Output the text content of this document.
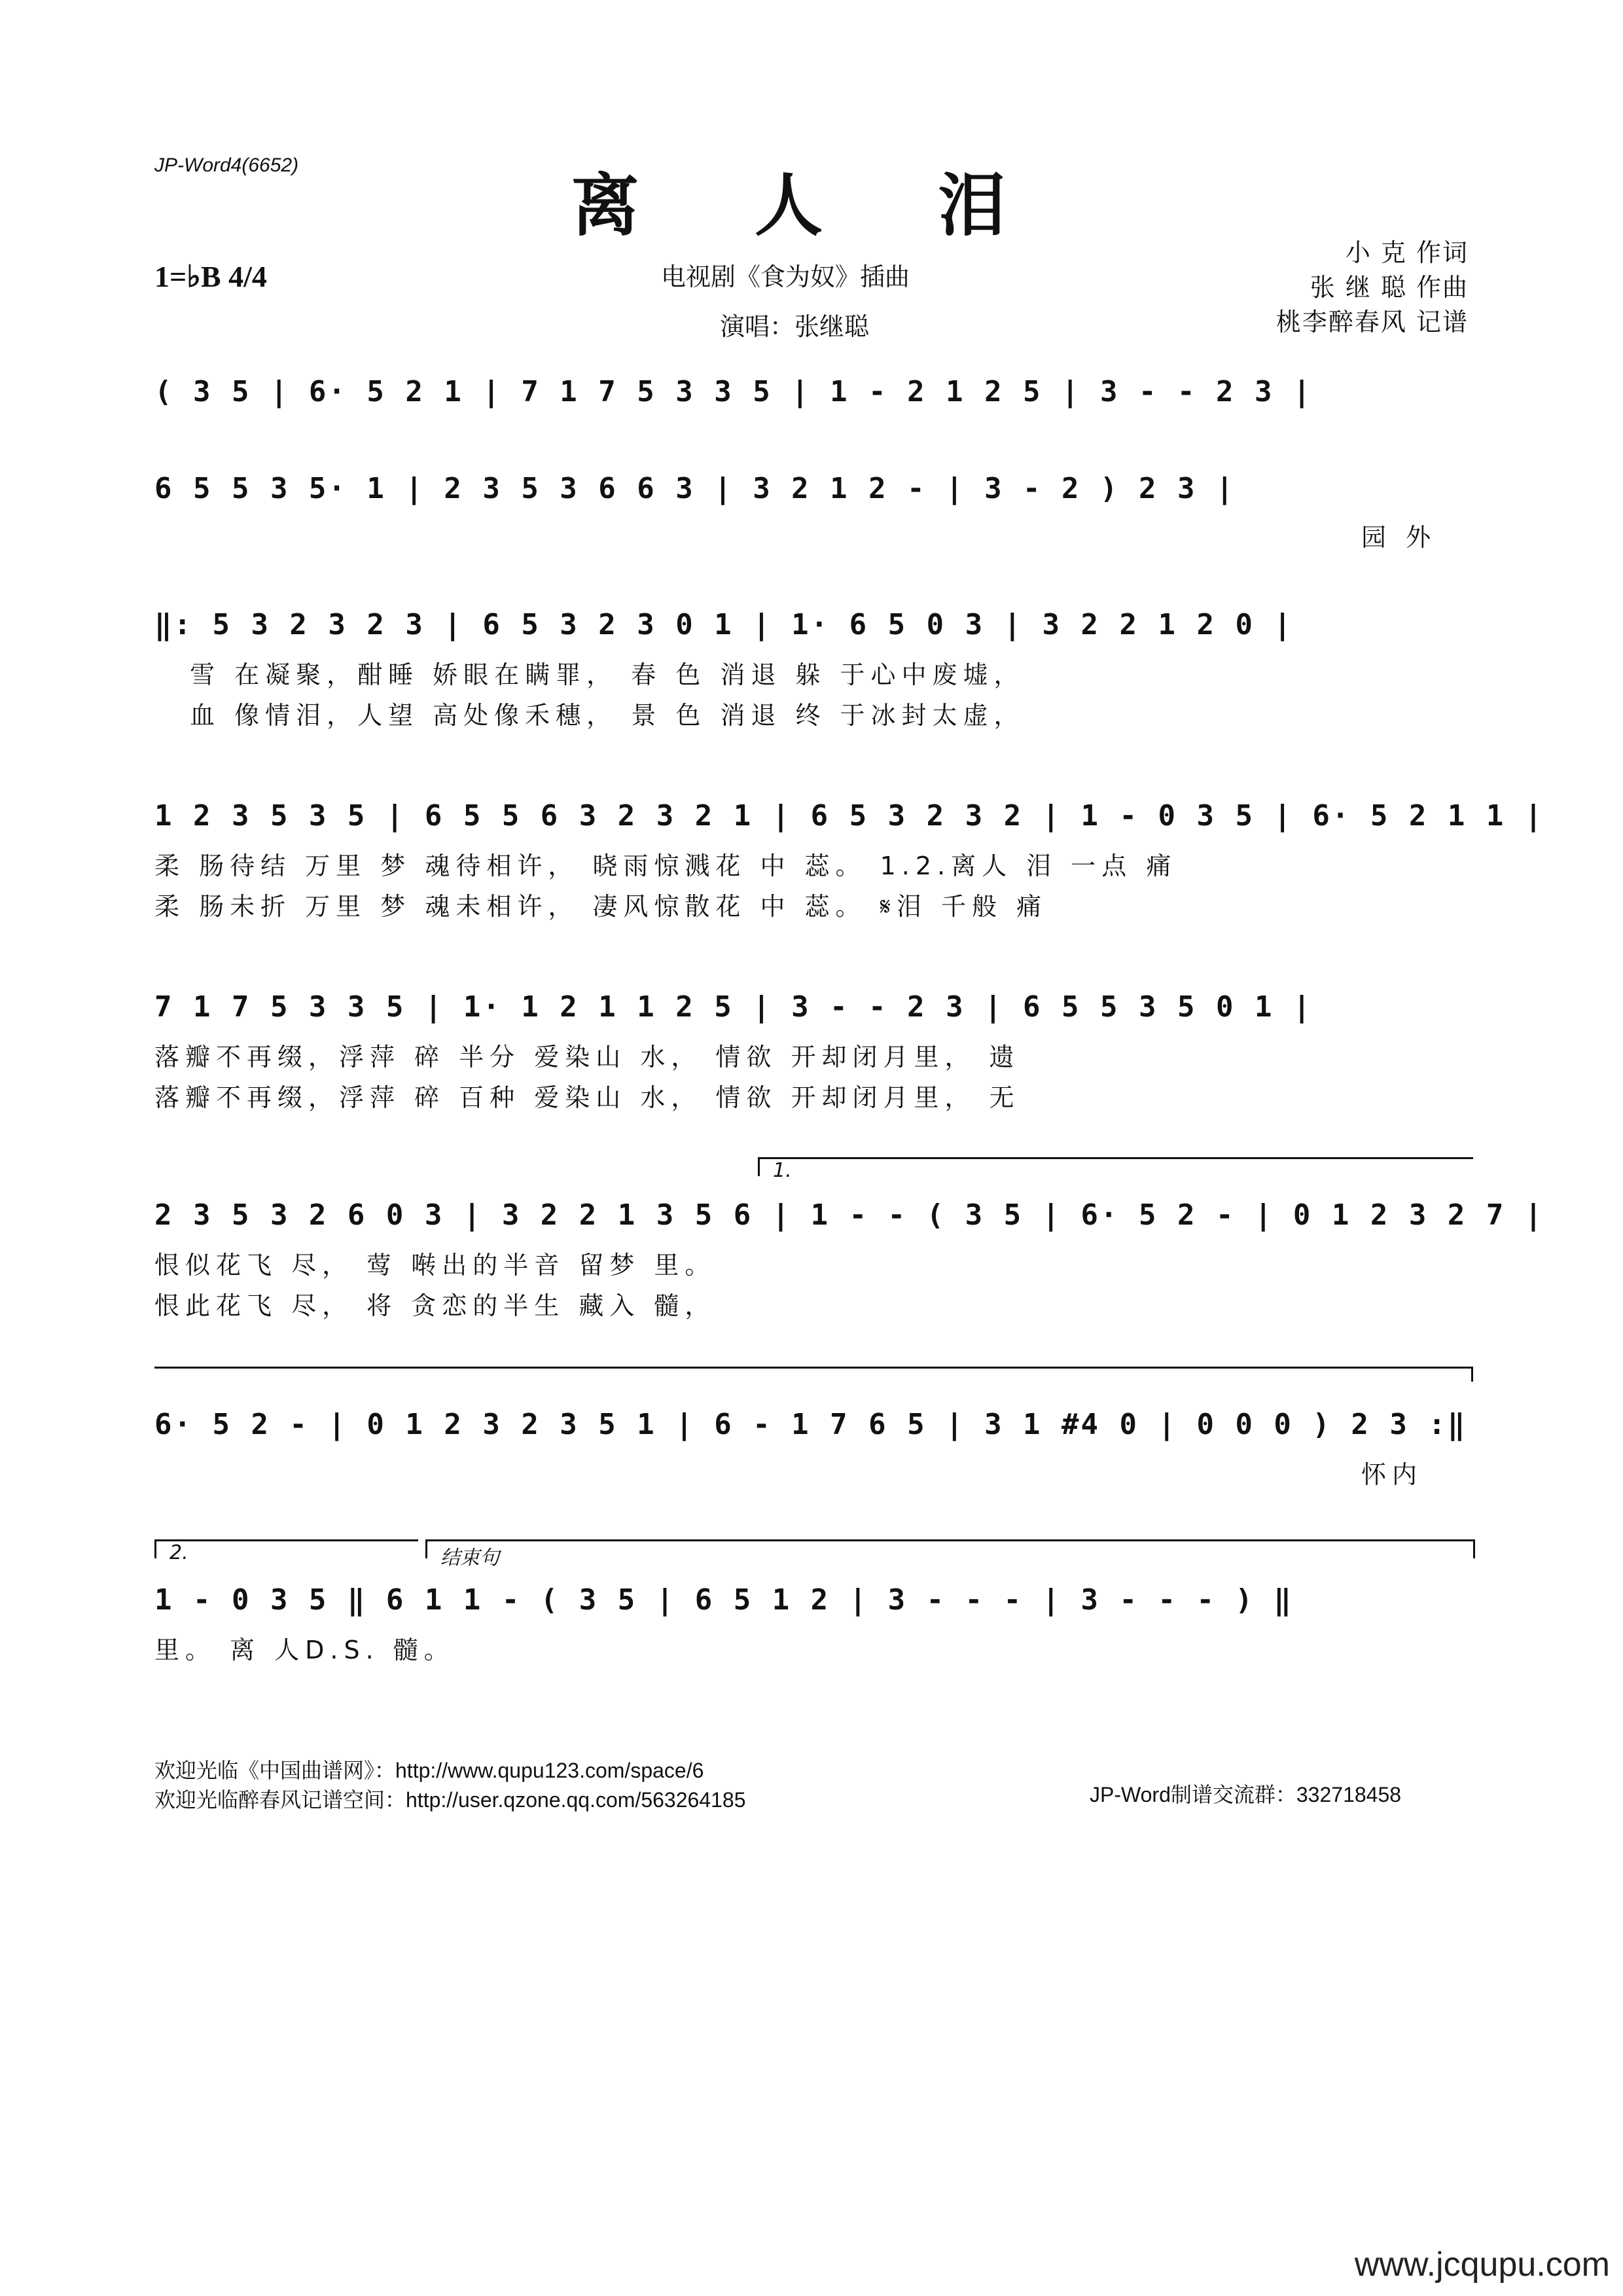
JP-Word4(6652)	离 人 泪
1=♭B 4/4	电视剧《食为奴》插曲
演唱：张继聪
小 克 作词
张 继 聪 作曲
桃李醉春风 记谱
( 3 5 | 6· 5 2 1 | 7 1 7 5 3 3 5 | 1 - 2 1 2 5 | 3 - - 2 3 |
6 5 5 3 5· 1 | 2 3 5 3 6 6 3 | 3 2 1 2 - | 3 - 2 ) 2 3 |
园 外
‖: 5 3 2 3 2 3 | 6 5 3 2 3 0 1 | 1· 6 5 0 3 | 3 2 2 1 2 0 |
雪 在凝聚，酣睡 娇眼在瞒罪， 春 色 消退 躲 于心中废墟，
血 像情泪，人望 高处像禾穗， 景 色 消退 终 于冰封太虚，
1 2 3 5 3 5 | 6 5 5 6 3 2 3 2 1 | 6 5 3 2 3 2 | 1 - 0 3 5 | 6· 5 2 1 1 |
柔 肠待结 万里 梦 魂待相许， 晓雨惊溅花 中 蕊。 1.2.离人 泪 一点 痛
柔 肠未折 万里 梦 魂未相许， 凄风惊散花 中 蕊。 𝄋泪 千般 痛
7 1 7 5 3 3 5 | 1· 1 2 1 1 2 5 | 3 - - 2 3 | 6 5 5 3 5 0 1 |
落瓣不再缀，浮萍 碎 半分 爱染山 水， 情欲 开却闭月里， 遗
落瓣不再缀，浮萍 碎 百种 爱染山 水， 情欲 开却闭月里， 无
1.
2 3 5 3 2 6 0 3 | 3 2 2 1 3 5 6 | 1 - - ( 3 5 | 6· 5 2 - | 0 1 2 3 2 7 |
恨似花飞 尽， 莺 啭出的半音 留梦 里。
恨此花飞 尽， 将 贪恋的半生 藏入 髓，
6· 5 2 - | 0 1 2 3 2 3 5 1 | 6 - 1 7 6 5 | 3 1 #4 0 | 0 0 0 ) 2 3 :‖
怀内
2.	结束句
1 - 0 3 5 ‖ 6 1 1 - ( 3 5 | 6 5 1 2 | 3 - - - | 3 - - - ) ‖
里。 离 人D.S. 髓。
欢迎光临《中国曲谱网》：http://www.qupu123.com/space/6
欢迎光临醉春风记谱空间：http://user.qzone.qq.com/563264185	JP-Word制谱交流群：332718458
www.jcqupu.com
